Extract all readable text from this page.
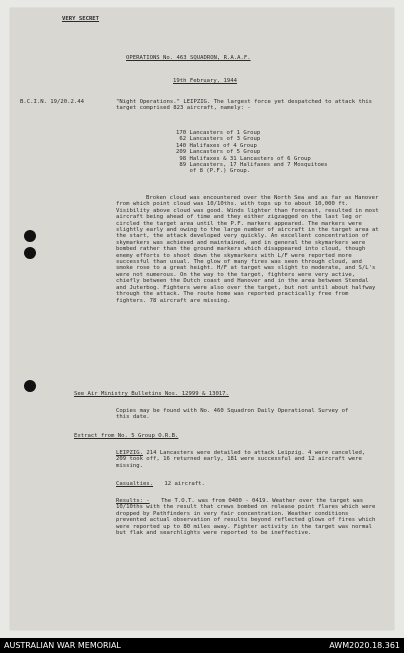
VERY SECRET
OPERATIONS No. 463 SQUADRON, R.A.A.F.
19th February, 1944
B.C.I.N. 19/20.2.44	"Night Operations." LEIPZIG. The largest force yet despatched to attack this target comprised 823 aircraft, namely: -
170 Lancasters of 1 Group
62 Lancasters of 3 Group
140 Halifaxes of 4 Group
209 Lancasters of 5 Group
98 Halifaxes & 31 Lancasters of 6 Group
89 Lancasters, 17 Halifaxes and 7 Mosquitoes
of 8 (P.F.) Group.
Broken cloud was encountered over the North Sea and as far as Hanover from which point cloud was 10/10ths. with tops up to about 10,000 ft. Visibility above cloud was good. Winds lighter than forecast, resulted in most aircraft being ahead of time and they either zigzagged on the last leg or circled the target area until the P.F. markers appeared. The markers were slightly early and owing to the large number of aircraft in the target area at the start, the attack developed very quickly. An excellent concentration of skymarkers was achieved and maintained, and in general the skymarkers were bombed rather than the ground markers which disappeared into cloud, though enemy efforts to shoot down the skymarkers with L/F were reported more successful than usual. The glow of many fires was seen through cloud, and smoke rose to a great height. H/F at target was slight to moderate, and S/L's were not numerous. On the way to the target, fighters were very active, chiefly between the Dutch coast and Hanover and in the area between Stendal and Juterbog. Fighters were also over the target, but not until about halfway through the attack. The route home was reported practically free from fighters. 78 aircraft are missing.
See Air Ministry Bulletins Nos. 12999 & 13017.
Copies may be found with No. 460 Squadron Daily Operational Survey of this date.
Extract from No. 5 Group O.R.B.
LEIPZIG. 214 Lancasters were detailed to attack Leipzig. 4 were cancelled, 209 took off, 16 returned early, 181 were successful and 12 aircraft were missing.
Casualties. 12 aircraft.
Results: - The T.O.T. was from 0400 - 0419. Weather over the target was 10/10ths with the result that crews bombed on release point flares which were dropped by Pathfinders in very fair concentration. Weather conditions prevented actual observation of results beyond reflected glows of fires which were reported up to 80 miles away. Fighter activity in the target was normal but flak and searchlights were reported to be ineffective.
AUSTRALIAN WAR MEMORIAL	AWM2020.18.361
